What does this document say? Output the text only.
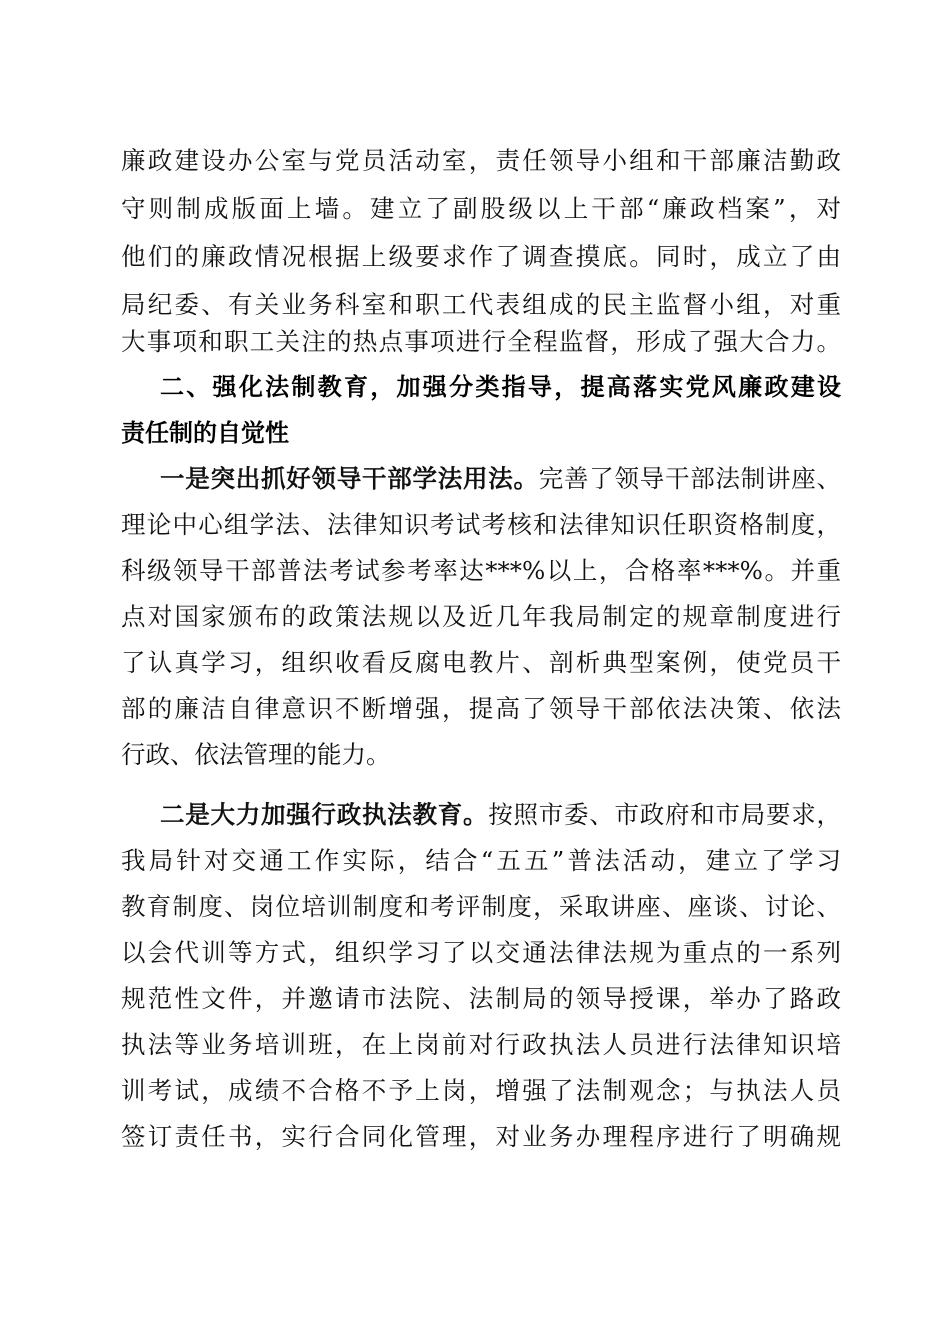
廉政建设办公室与党员活动室，责任领导小组和干部廉洁勤政
守则制成版面上墙。建立了副股级以上干部“廉政档案”，对
他们的廉政情况根据上级要求作了调查摸底。同时，成立了由
局纪委、有关业务科室和职工代表组成的民主监督小组，对重
大事项和职工关注的热点事项进行全程监督，形成了强大合力。
二、强化法制教育，加强分类指导，提高落实党风廉政建设
责任制的自觉性
一是突出抓好领导干部学法用法。完善了领导干部法制讲座、
理论中心组学法、法律知识考试考核和法律知识任职资格制度，
科级领导干部普法考试参考率达***%以上，合格率***%。并重
点对国家颁布的政策法规以及近几年我局制定的规章制度进行
了认真学习，组织收看反腐电教片、剖析典型案例，使党员干
部的廉洁自律意识不断增强，提高了领导干部依法决策、依法
行政、依法管理的能力。
二是大力加强行政执法教育。按照市委、市政府和市局要求，
我局针对交通工作实际，结合“五五”普法活动，建立了学习
教育制度、岗位培训制度和考评制度，采取讲座、座谈、讨论、
以会代训等方式，组织学习了以交通法律法规为重点的一系列
规范性文件，并邀请市法院、法制局的领导授课，举办了路政
执法等业务培训班，在上岗前对行政执法人员进行法律知识培
训考试，成绩不合格不予上岗，增强了法制观念；与执法人员
签订责任书，实行合同化管理，对业务办理程序进行了明确规
